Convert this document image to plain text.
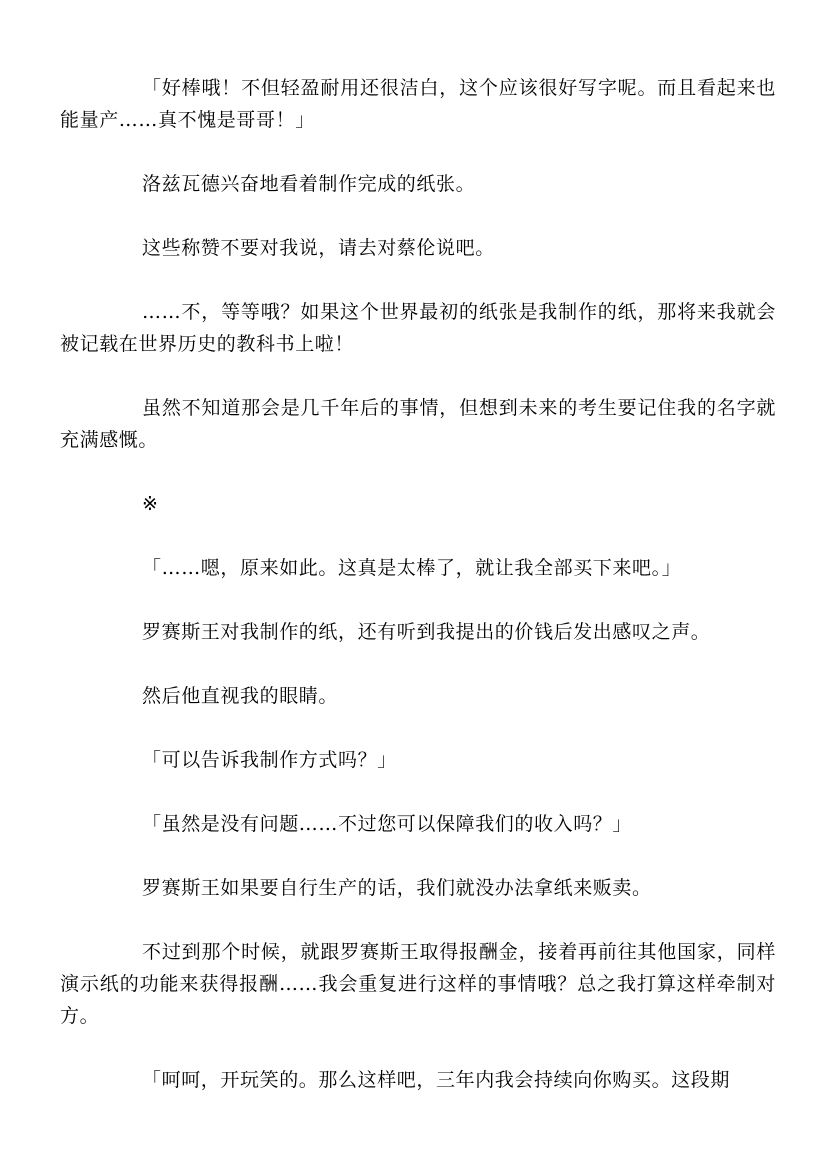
「好棒哦！不但轻盈耐用还很洁白，这个应该很好写字呢。而且看起来也能量产……真不愧是哥哥！」

洛兹瓦德兴奋地看着制作完成的纸张。

这些称赞不要对我说，请去对蔡伦说吧。

……不，等等哦？如果这个世界最初的纸张是我制作的纸，那将来我就会被记载在世界历史的教科书上啦！

虽然不知道那会是几千年后的事情，但想到未来的考生要记住我的名字就充满感慨。

※

「……嗯，原来如此。这真是太棒了，就让我全部买下来吧。」

罗赛斯王对我制作的纸，还有听到我提出的价钱后发出感叹之声。

然后他直视我的眼睛。

「可以告诉我制作方式吗？」

「虽然是没有问题……不过您可以保障我们的收入吗？」

罗赛斯王如果要自行生产的话，我们就没办法拿纸来贩卖。

不过到那个时候，就跟罗赛斯王取得报酬金，接着再前往其他国家，同样演示纸的功能来获得报酬……我会重复进行这样的事情哦？总之我打算这样牵制对方。

「呵呵，开玩笑的。那么这样吧，三年内我会持续向你购买。这段期
